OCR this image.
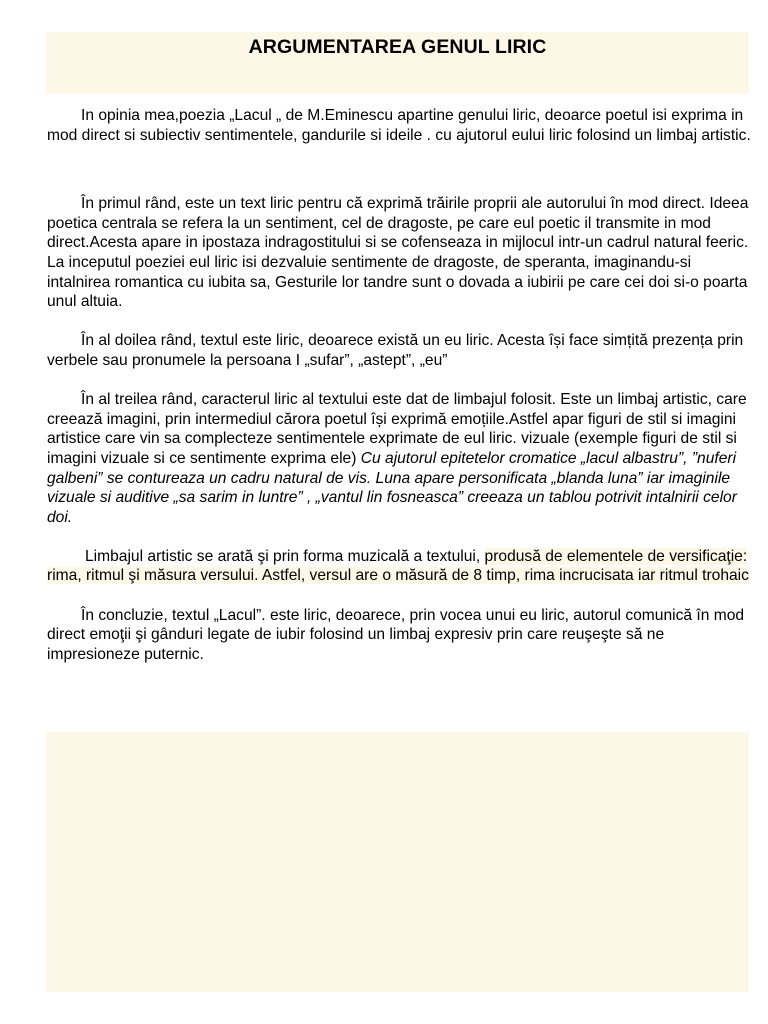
ARGUMENTAREA GENUL LIRIC

In opinia mea,poezia „Lacul „ de M.Eminescu apartine genului liric, deoarce poetul isi exprima in mod direct si subiectiv sentimentele, gandurile si ideile . cu ajutorul eului liric folosind un limbaj artistic.

În primul rând, este un text liric pentru că exprimă trăirile proprii ale autorului în mod direct. Ideea poetica centrala se refera la un sentiment, cel de dragoste, pe care eul poetic il transmite in mod direct.Acesta apare in ipostaza indragostitului si se cofenseaza in mijlocul intr-un cadrul natural feeric. La inceputul poeziei eul liric isi dezvaluie sentimente de dragoste, de speranta, imaginandu-si intalnirea romantica cu iubita sa, Gesturile lor tandre sunt o dovada a iubirii pe care cei doi si-o poarta unul altuia.

În al doilea rând, textul este liric, deoarece există un eu liric. Acesta își face simțită prezența prin verbele sau pronumele la persoana I „sufar”, „astept”, „eu”

În al treilea rând, caracterul liric al textului este dat de limbajul folosit. Este un limbaj artistic, care creează imagini, prin intermediul cărora poetul își exprimă emoțiile.Astfel apar figuri de stil si imagini artistice care vin sa complecteze sentimentele exprimate de eul liric. vizuale (exemple figuri de stil si imagini vizuale si ce sentimente exprima ele) Cu ajutorul epitetelor cromatice „lacul albastru”, ”nuferi galbeni” se contureaza un cadru natural de vis. Luna apare personificata „blanda luna” iar imaginile vizuale si auditive „sa sarim in luntre” , „vantul lin fosneasca” creeaza un tablou potrivit intalnirii celor doi.

Limbajul artistic se arată şi prin forma muzicală a textului, produsă de elementele de versificaţie: rima, ritmul şi măsura versului. Astfel, versul are o măsură de 8 timp, rima incrucisata iar ritmul trohaic

În concluzie, textul „Lacul”. este liric, deoarece, prin vocea unui eu liric, autorul comunică în mod direct emoţii şi gânduri legate de iubir folosind un limbaj expresiv prin care reuşeşte să ne impresioneze puternic.
